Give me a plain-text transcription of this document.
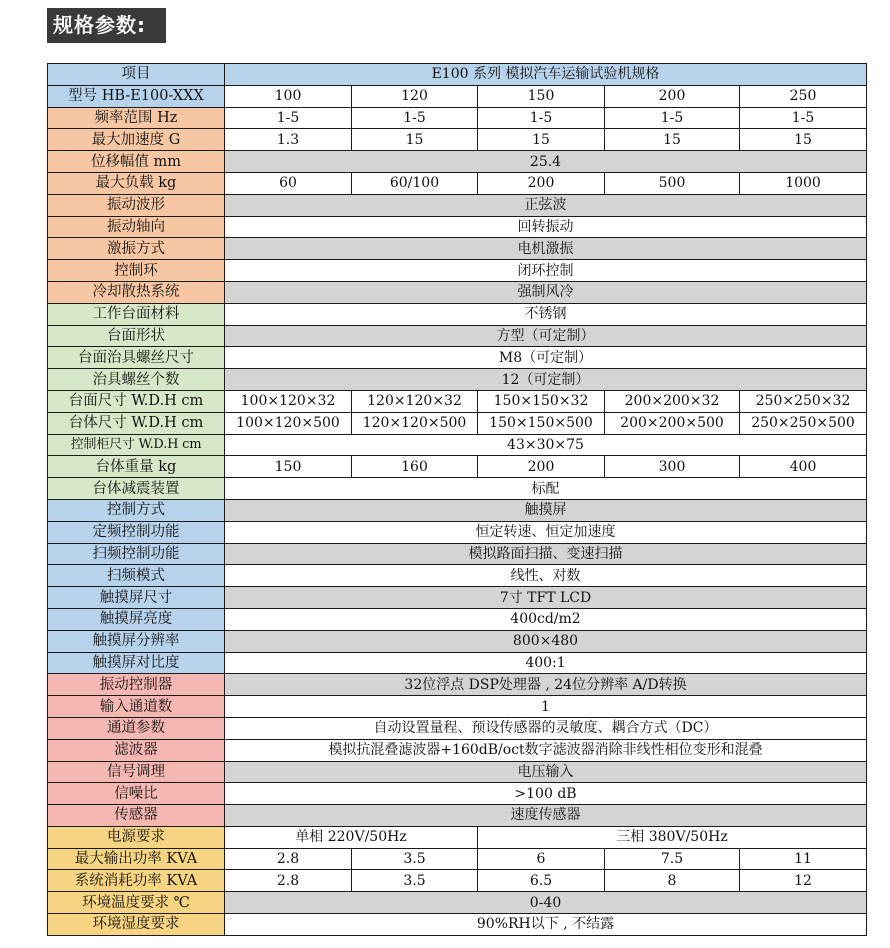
规格参数:
项目	E100 系列 模拟汽车运输试验机规格				
型号 HB-E100-XXX	100	120	150	200	250
频率范围 Hz	1-5	1-5	1-5	1-5	1-5
最大加速度 G	1.3	15	15	15	15
位移幅值 mm	25.4				
最大负载 kg	60	60/100	200	500	1000
振动波形	正弦波				
振动轴向	回转振动				
激振方式	电机激振				
控制环	闭环控制				
冷却散热系统	强制风冷				
工作台面材料	不锈钢				
台面形状	方型（可定制）				
台面治具螺丝尺寸	M8（可定制）				
治具螺丝个数	12（可定制）				
台面尺寸 W.D.H cm	100×120×32	120×120×32	150×150×32	200×200×32	250×250×32
台体尺寸 W.D.H cm	100×120×500	120×120×500	150×150×500	200×200×500	250×250×500
控制柜尺寸 W.D.H cm	43×30×75				
台体重量 kg	150	160	200	300	400
台体减震装置	标配				
控制方式	触摸屏				
定频控制功能	恒定转速、恒定加速度				
扫频控制功能	模拟路面扫描、变速扫描				
扫频模式	线性、对数				
触摸屏尺寸	7寸 TFT LCD				
触摸屏亮度	400cd/m2				
触摸屏分辨率	800×480				
触摸屏对比度	400:1				
振动控制器	32位浮点 DSP处理器 , 24位分辨率 A/D转换				
输入通道数	1				
通道参数	自动设置量程、预设传感器的灵敏度、耦合方式（DC）				
滤波器	模拟抗混叠滤波器+160dB/oct数字滤波器消除非线性相位变形和混叠				
信号调理	电压输入				
信噪比	>100 dB				
传感器	速度传感器				
电源要求	单相 220V/50Hz		三相 380V/50Hz		
最大输出功率 KVA	2.8	3.5	6	7.5	11
系统消耗功率 KVA	2.8	3.5	6.5	8	12
环境温度要求 ℃	0-40				
环境湿度要求	90%RH以下 , 不结露				
